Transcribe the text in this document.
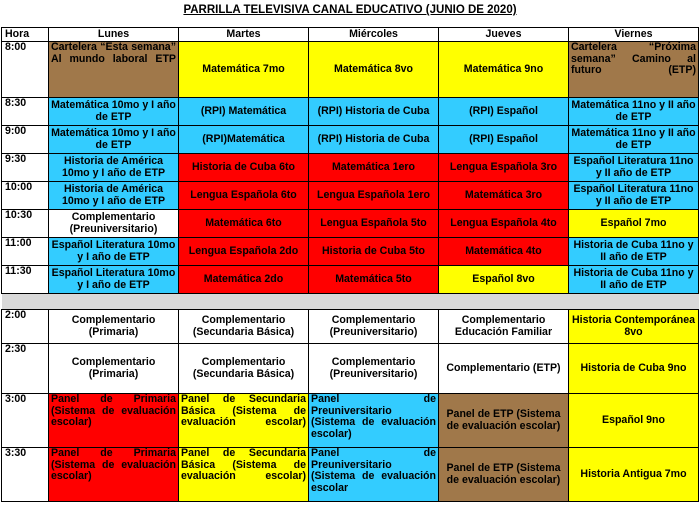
PARRILLA TELEVISIVA CANAL EDUCATIVO (JUNIO DE 2020)
Hora	Lunes	Martes	Miércoles	Jueves	Viernes
8:00	Cartelera “Esta semana” Al mundo laboral ETP	Matemática 7mo	Matemática 8vo	Matemática 9no	Cartelera “Próxima semana” Camino al futuro (ETP)
8:30	Matemática 10mo y I año de ETP	(RPI) Matemática	(RPI) Historia de Cuba	(RPI) Español	Matemática 11no y II año de ETP
9:00	Matemática 10mo y I año de ETP	(RPI)Matemática	(RPI) Historia de Cuba	(RPI) Español	Matemática 11no y II año de ETP
9:30	Historia de América 10mo y I año de ETP	Historia de Cuba 6to	Matemática 1ero	Lengua Española 3ro	Español Literatura 11no y II año de ETP
10:00	Historia de América 10mo y I año de ETP	Lengua Española 6to	Lengua Española 1ero	Matemática 3ro	Español Literatura 11no y II año de ETP
10:30	Complementario (Preuniversitario)	Matemática 6to	Lengua Española 5to	Lengua Española 4to	Español 7mo
11:00	Español Literatura 10mo y I año de ETP	Lengua Española 2do	Historia de Cuba 5to	Matemática 4to	Historia de Cuba 11no y II año de ETP
11:30	Español Literatura 10mo y I año de ETP	Matemática 2do	Matemática 5to	Español 8vo	Historia de Cuba 11no y II año de ETP

2:00	Complementario (Primaria)	Complementario (Secundaria Básica)	Complementario (Preuniversitario)	Complementario Educación Familiar	Historia Contemporánea 8vo
2:30	Complementario (Primaria)	Complementario (Secundaria Básica)	Complementario (Preuniversitario)	Complementario (ETP)	Historia de Cuba 9no
3:00	Panel de Primaria (Sistema de evaluación escolar)	Panel de Secundaria Básica (Sistema de evaluación escolar)	Panel de Preuniversitario (Sistema de evaluación escolar)	Panel de ETP (Sistema de evaluación escolar)	Español 9no
3:30	Panel de Primaria (Sistema de evaluación escolar)	Panel de Secundaria Básica (Sistema de evaluación escolar)	Panel de Preuniversitario (Sistema de evaluación escolar	Panel de ETP (Sistema de evaluación escolar)	Historia Antigua 7mo
